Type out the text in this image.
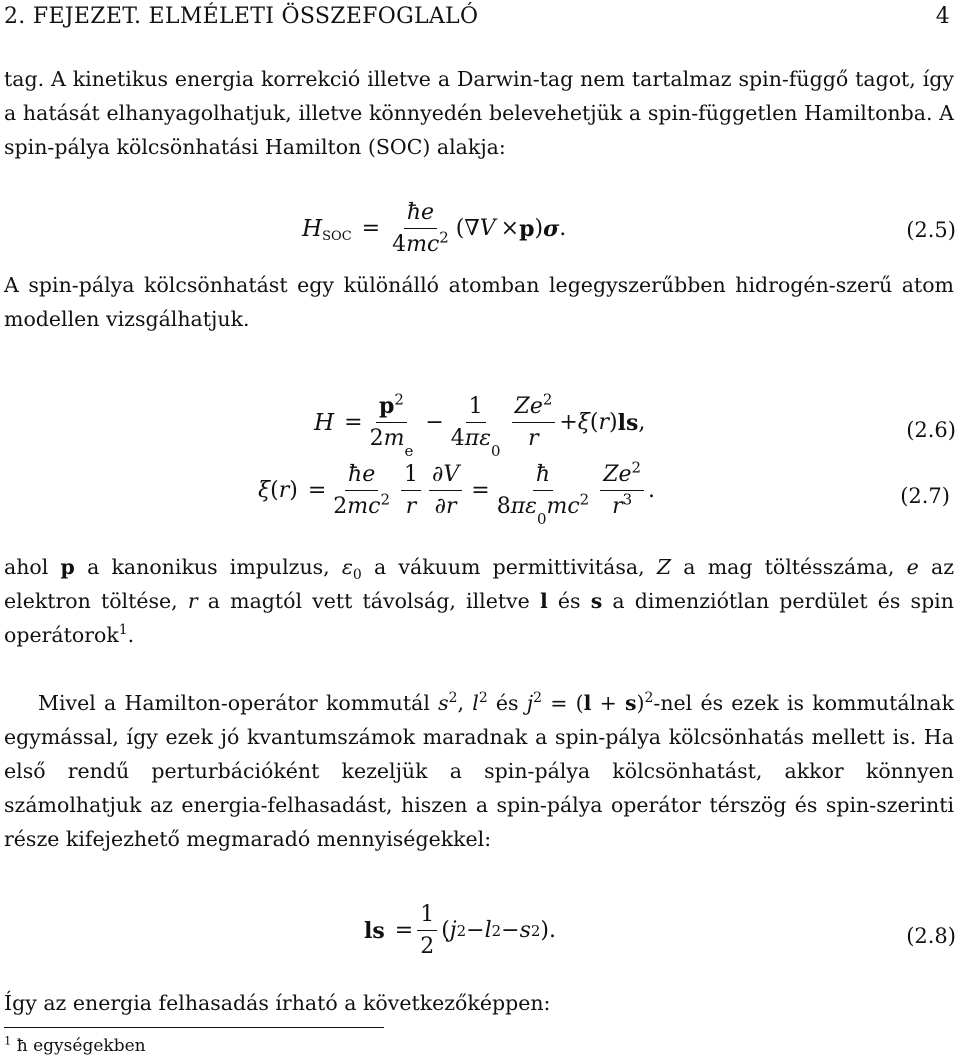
2. FEJEZET. ELMÉLETI ÖSSZEFOGLALÓ	4

tag. A kinetikus energia korrekció illetve a Darwin-tag nem tartalmaz spin-függő tagot, így a hatását elhanyagolhatjuk, illetve könnyedén belevehetjük a spin-független Hamiltonba. A spin-pálya kölcsönhatási Hamilton (SOC) alakja:

$H_{SOC} = \frac{ħe}{4mc^2}$ (∇ V × p ) σ .	(2.5)

A spin-pálya kölcsönhatást egy különálló atomban legegyszerűbben hidrogén-szerű atom modellen vizsgálhatjuk.

$H = \frac{p^2}{2m_e} - \frac{1}{4\pi\varepsilon_0} \frac{Ze^2}{r} + \xi$ ( r ) ls ,	(2.6)
ξ ( r ) = $\frac{ħe}{2mc^2} \frac{1}{r} \frac{\partial V}{\partial r} = \frac{ħ}{8\pi\varepsilon_0mc^2} \frac{Ze^2}{r^3}$ .	(2.7)

ahol p a kanonikus impulzus, $\varepsilon_0$ a vákuum permittivitása, Z a mag töltésszáma, e az elektron töltése, r a magtól vett távolság, illetve l és s a dimenziótlan perdület és spin operátorok$^1$.

Mivel a Hamilton-operátor kommutál $s^2$, $l^2$ és $j^2 = (l + s)^2-nel$ és ezek is kommutálnak egymással, így ezek jó kvantumszámok maradnak a spin-pálya kölcsönhatás mellett is. Ha első rendű perturbációként kezeljük a spin-pálya kölcsönhatást, akkor könnyen számolhatjuk az energia-felhasadást, hiszen a spin-pálya operátor térszög és spin-szerinti része kifejezhető megmaradó mennyiségekkel:

ls = $\frac{1}{2}$ ( j 2 − l 2 − s 2 ).	(2.8)

Így az energia felhasadás írható a következőképpen:

$^1$ ħ egységekben
